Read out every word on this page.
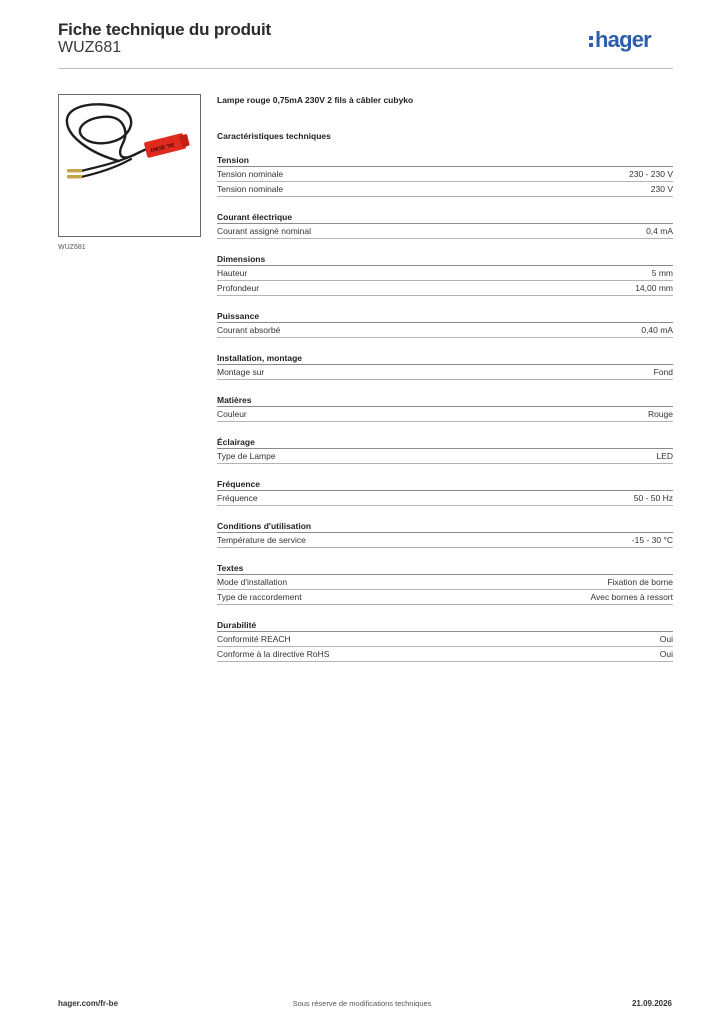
Fiche technique du produit
WUZ681	hager
DIESE TIE
WUZ681
Lampe rouge 0,75mA 230V 2 fils à câbler cubyko
Caractéristiques techniques
Tension
Tension nominale	230 - 230 V
Tension nominale	230 V
Courant électrique
Courant assigné nominal	0,4 mA
Dimensions
Hauteur	5 mm
Profondeur	14,00 mm
Puissance
Courant absorbé	0,40 mA
Installation, montage
Montage sur	Fond
Matières
Couleur	Rouge
Éclairage
Type de Lampe	LED
Fréquence
Fréquence	50 - 50 Hz
Conditions d'utilisation
Température de service	-15 - 30 °C
Textes
Mode d'installation	Fixation de borne
Type de raccordement	Avec bornes à ressort
Durabilité
Conformité REACH	Oui
Conforme à la directive RoHS	Oui
hager.com/fr-be	Sous réserve de modifications techniques	21.09.2026
